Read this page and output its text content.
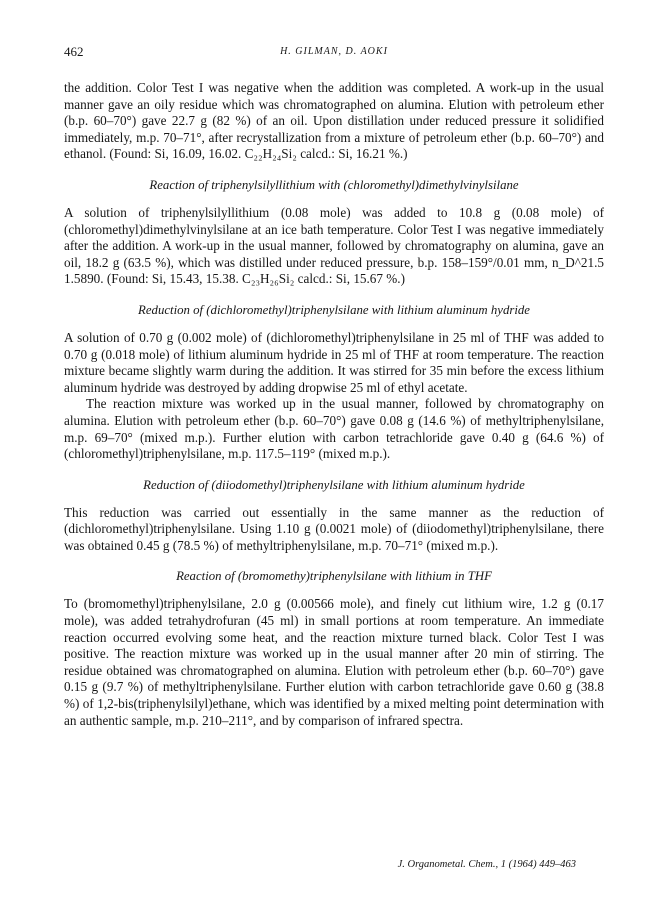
462	H. GILMAN, D. AOKI

the addition. Color Test I was negative when the addition was completed. A work-up in the usual manner gave an oily residue which was chromatographed on alumina. Elution with petroleum ether (b.p. 60–70°) gave 22.7 g (82 %) of an oil. Upon distillation under reduced pressure it solidified immediately, m.p. 70–71°, after recrystallization from a mixture of petroleum ether (b.p. 60–70°) and ethanol. (Found: Si, 16.09, 16.02. C₂₂H₂₄Si₂ calcd.: Si, 16.21 %.)

Reaction of triphenylsilyllithium with (chloromethyl)dimethylvinylsilane

A solution of triphenylsilyllithium (0.08 mole) was added to 10.8 g (0.08 mole) of (chloromethyl)dimethylvinylsilane at an ice bath temperature. Color Test I was negative immediately after the addition. A work-up in the usual manner, followed by chromatography on alumina, gave an oil, 18.2 g (63.5 %), which was distilled under reduced pressure, b.p. 158–159°/0.01 mm, n_D^21.5 1.5890. (Found: Si, 15.43, 15.38. C₂₃H₂₆Si₂ calcd.: Si, 15.67 %.)

Reduction of (dichloromethyl)triphenylsilane with lithium aluminum hydride

A solution of 0.70 g (0.002 mole) of (dichloromethyl)triphenylsilane in 25 ml of THF was added to 0.70 g (0.018 mole) of lithium aluminum hydride in 25 ml of THF at room temperature. The reaction mixture became slightly warm during the addition. It was stirred for 35 min before the excess lithium aluminum hydride was destroyed by adding dropwise 25 ml of ethyl acetate.

The reaction mixture was worked up in the usual manner, followed by chromatography on alumina. Elution with petroleum ether (b.p. 60–70°) gave 0.08 g (14.6 %) of methyltriphenylsilane, m.p. 69–70° (mixed m.p.). Further elution with carbon tetrachloride gave 0.40 g (64.6 %) of (chloromethyl)triphenylsilane, m.p. 117.5–119° (mixed m.p.).

Reduction of (diiodomethyl)triphenylsilane with lithium aluminum hydride

This reduction was carried out essentially in the same manner as the reduction of (dichloromethyl)triphenylsilane. Using 1.10 g (0.0021 mole) of (diiodomethyl)triphenylsilane, there was obtained 0.45 g (78.5 %) of methyltriphenylsilane, m.p. 70–71° (mixed m.p.).

Reaction of (bromomethy)triphenylsilane with lithium in THF

To (bromomethyl)triphenylsilane, 2.0 g (0.00566 mole), and finely cut lithium wire, 1.2 g (0.17 mole), was added tetrahydrofuran (45 ml) in small portions at room temperature. An immediate reaction occurred evolving some heat, and the reaction mixture turned black. Color Test I was positive. The reaction mixture was worked up in the usual manner after 20 min of stirring. The residue obtained was chromatographed on alumina. Elution with petroleum ether (b.p. 60–70°) gave 0.15 g (9.7 %) of methyltriphenylsilane. Further elution with carbon tetrachloride gave 0.60 g (38.8 %) of 1,2-bis(triphenylsilyl)ethane, which was identified by a mixed melting point determination with an authentic sample, m.p. 210–211°, and by comparison of infrared spectra.

J. Organometal. Chem., 1 (1964) 449–463
